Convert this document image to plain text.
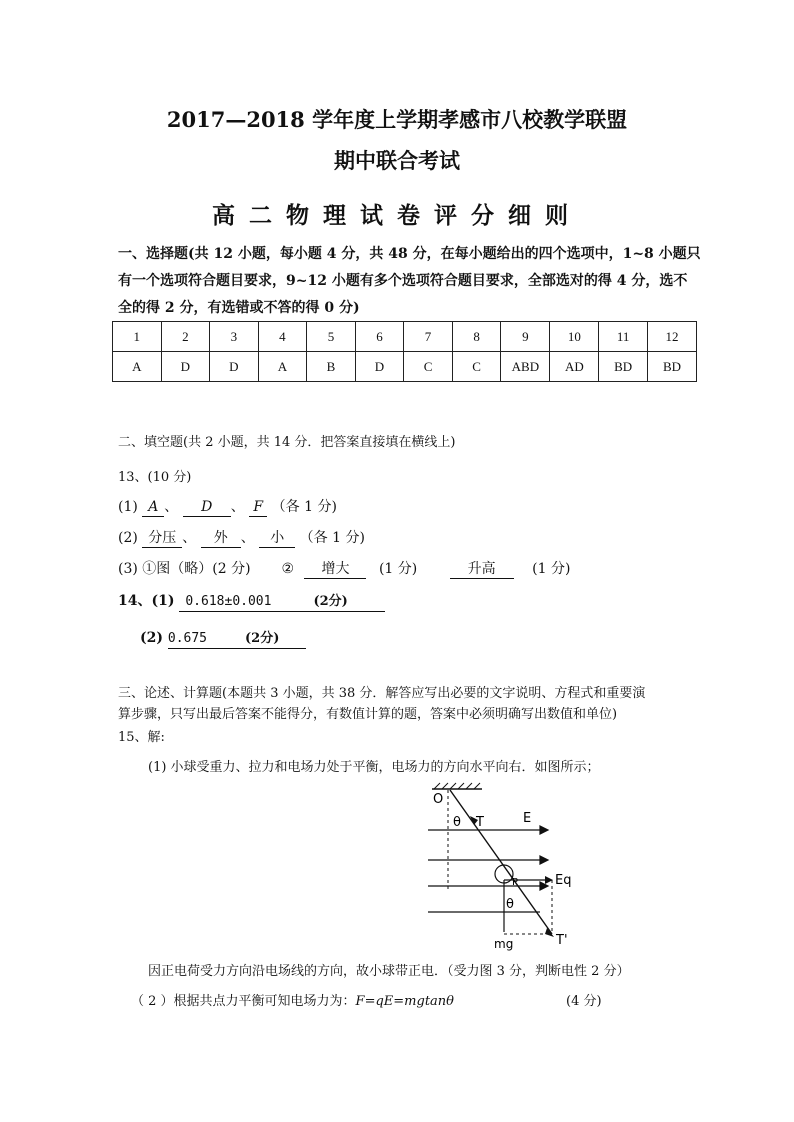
2017—2018 学年度上学期孝感市八校教学联盟
期中联合考试
高二物理试卷评分细则
一、选择题(共 12 小题，每小题 4 分，共 48 分，在每小题给出的四个选项中，1~8 小题只
有一个选项符合题目要求，9~12 小题有多个选项符合题目要求，全部选对的得 4 分，选不
全的得 2 分，有选错或不答的得 0 分)
1	2	3	4	5	6	7	8	9	10	11	12
A	D	D	A	B	D	C	C	ABD	AD	BD	BD
二、填空题(共 2 小题，共 14 分．把答案直接填在横线上)
13、(10 分)
(1) A 、 D 、 F （各 1 分)
(2) 分压 、 外 、 小 （各 1 分)
(3) ①图（略）(2 分) ② 增大 (1 分)	升高	(1 分)
14、(1) 0.618±0.001	(2分)
(2) 0.675	(2分)
三、论述、计算题(本题共 3 小题，共 38 分．解答应写出必要的文字说明、方程式和重要演
算步骤，只写出最后答案不能得分，有数值计算的题，答案中必须明确写出数值和单位)
15、解:
(1) 小球受重力、拉力和电场力处于平衡，电场力的方向水平向右．如图所示；
O
E
θ T
P	Eq
θ
mg	T'
因正电荷受力方向沿电场线的方向，故小球带正电．（受力图 3 分，判断电性 2 分）
（ 2 ）根据共点力平衡可知电场力为：F=qE=mgtanθ	(4 分)
